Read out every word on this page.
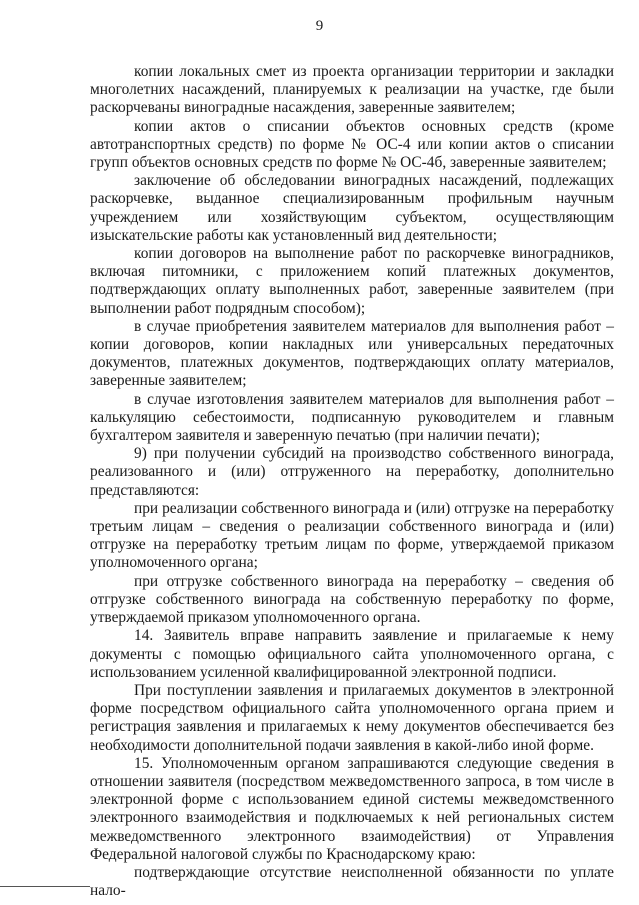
9

копии локальных смет из проекта организации территории и закладки многолетних насаждений, планируемых к реализации на участке, где были раскорчеваны виноградные насаждения, заверенные заявителем;

копии актов о списании объектов основных средств (кроме автотранспортных средств) по форме № ОС-4 или копии актов о списании групп объектов основных средств по форме № ОС-4б, заверенные заявителем;

заключение об обследовании виноградных насаждений, подлежащих раскорчевке, выданное специализированным профильным научным учреждением или хозяйствующим субъектом, осуществляющим изыскательские работы как установленный вид деятельности;

копии договоров на выполнение работ по раскорчевке виноградников, включая питомники, с приложением копий платежных документов, подтверждающих оплату выполненных работ, заверенные заявителем (при выполнении работ подрядным способом);

в случае приобретения заявителем материалов для выполнения работ – копии договоров, копии накладных или универсальных передаточных документов, платежных документов, подтверждающих оплату материалов, заверенные заявителем;

в случае изготовления заявителем материалов для выполнения работ – калькуляцию себестоимости, подписанную руководителем и главным бухгалтером заявителя и заверенную печатью (при наличии печати);

9) при получении субсидий на производство собственного винограда, реализованного и (или) отгруженного на переработку, дополнительно представляются:

при реализации собственного винограда и (или) отгрузке на переработку третьим лицам – сведения о реализации собственного винограда и (или) отгрузке на переработку третьим лицам по форме, утверждаемой приказом уполномоченного органа;

при отгрузке собственного винограда на переработку – сведения об отгрузке собственного винограда на собственную переработку по форме, утверждаемой приказом уполномоченного органа.

14. Заявитель вправе направить заявление и прилагаемые к нему документы с помощью официального сайта уполномоченного органа, с использованием усиленной квалифицированной электронной подписи.

При поступлении заявления и прилагаемых документов в электронной форме посредством официального сайта уполномоченного органа прием и регистрация заявления и прилагаемых к нему документов обеспечивается без необходимости дополнительной подачи заявления в какой-либо иной форме.

15. Уполномоченным органом запрашиваются следующие сведения в отношении заявителя (посредством межведомственного запроса, в том числе в электронной форме с использованием единой системы межведомственного электронного взаимодействия и подключаемых к ней региональных систем межведомственного электронного взаимодействия) от Управления Федеральной налоговой службы по Краснодарскому краю:

подтверждающие отсутствие неисполненной обязанности по уплате нало-
